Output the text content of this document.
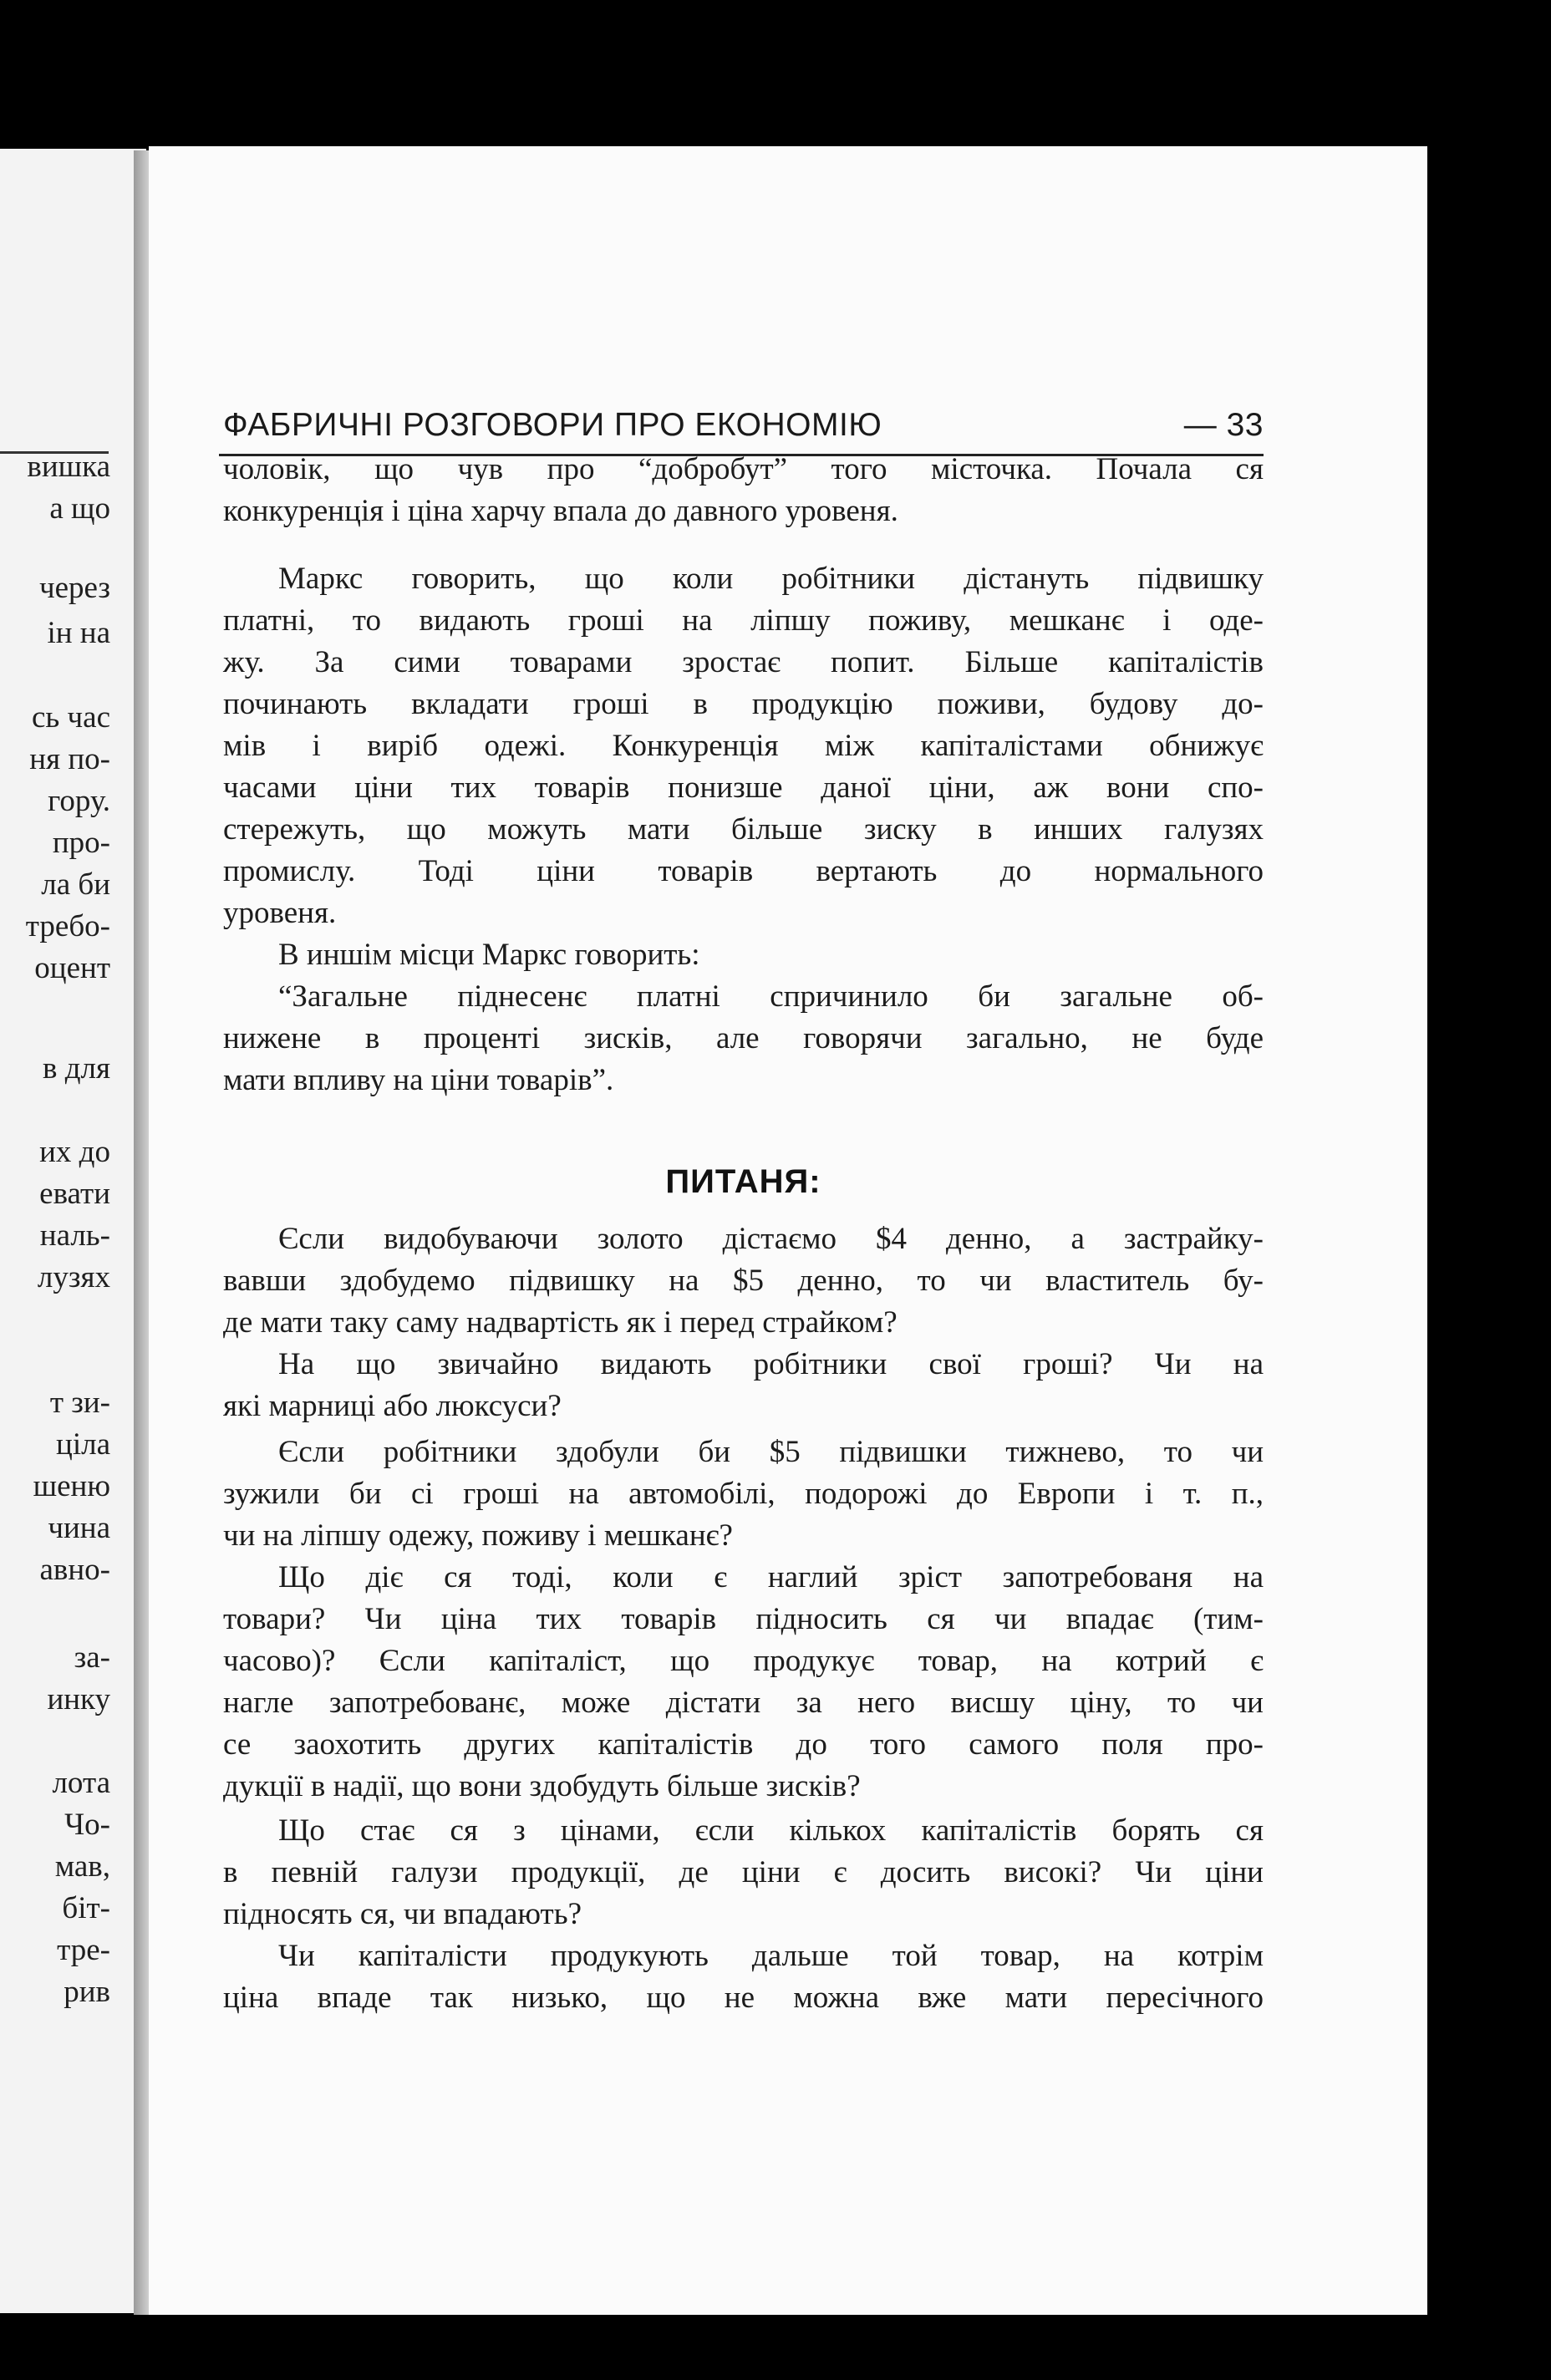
вишка
а що
через
ін на
сь час
ня по-
гору.
про-
ла би
требо-
оцент
в для
их до
евати
наль-
лузях
т зи-
ціла
шеню
чина
авно-
за-
инку
лота
Чо-
мав,
біт-
тре-
рив
ФАБРИЧНІ РОЗГОВОРИ ПРО ЕКОНОМІЮ	— 33
ПИТАНЯ:
чоловік, що чув про “добробут” того місточка. Почала ся
конкуренція і ціна харчу впала до давного уровеня.
Маркс говорить, що коли робітники дістануть підвишку
платні, то видають гроші на ліпшу поживу, мешканє і оде-
жу. За сими товарами зростає попит. Більше капіталістів
починають вкладати гроші в продукцію поживи, будову до-
мів і виріб одежі. Конкуренція між капіталістами обнижує
часами ціни тих товарів понизше даної ціни, аж вони спо-
стережуть, що можуть мати більше зиску в инших галузях
промислу. Тоді ціни товарів вертають до нормального
уровеня.
В иншім місци Маркс говорить:
“Загальне піднесенє платні спричинило би загальне об-
нижене в проценті зисків, але говорячи загально, не буде
мати впливу на ціни товарів”.
Єсли видобуваючи золото дістаємо $4 денно, а застрайку-
вавши здобудемо підвишку на $5 денно, то чи властитель бу-
де мати таку саму надвартість як і перед страйком?
На що звичайно видають робітники свої гроші? Чи на
які марниці або люксуси?
Єсли робітники здобули би $5 підвишки тижнево, то чи
зужили би сі гроші на автомобілі, подорожі до Европи і т. п.,
чи на ліпшу одежу, поживу і мешканє?
Що діє ся тоді, коли є наглий зріст запотребованя на
товари? Чи ціна тих товарів підносить ся чи впадає (тим-
часово)? Єсли капіталіст, що продукує товар, на котрий є
нагле запотребованє, може дістати за него висшу ціну, то чи
се заохотить других капіталістів до того самого поля про-
дукції в надії, що вони здобудуть більше зисків?
Що стає ся з цінами, єсли кількох капіталістів борять ся
в певній галузи продукції, де ціни є досить високі? Чи ціни
підносять ся, чи впадають?
Чи капіталісти продукують дальше той товар, на котрім
ціна впаде так низько, що не можна вже мати пересічного
